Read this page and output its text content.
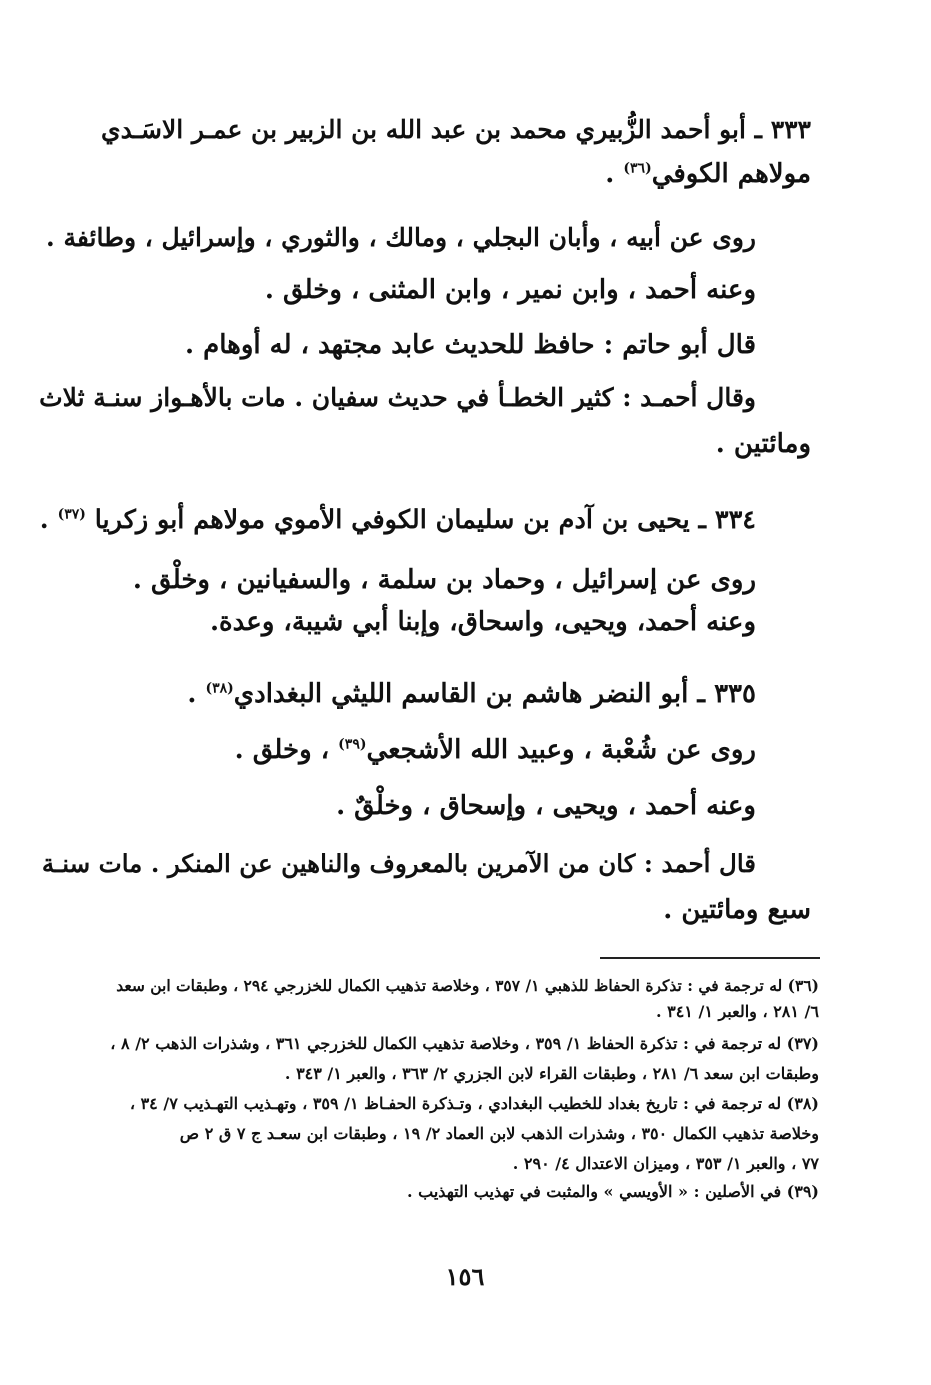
٣٣٣ ـ أبو أحمد الزُّبيري محمد بن عبد الله بن الزبير بن عمـر الاسَـدي
مولاهم الكوفي$^{(٣٦)}$ .
روى عن أبيه ، وأبان البجلي ، ومالك ، والثوري ، وإسرائيل ، وطائفة .
وعنه أحمد ، وابن نمير ، وابن المثنى ، وخلق .
قال أبو حاتم : حافظ للحديث عابد مجتهد ، له أوهام .
وقال أحمـد : كثير الخطـأ في حديث سفيان . مات بالأهـواز سنـة ثلاث
ومائتين .
٣٣٤ ـ يحيى بن آدم بن سليمان الكوفي الأموي مولاهم أبو زكريا $^{(٣٧)}$ .
روى عن إسرائيل ، وحماد بن سلمة ، والسفيانين ، وخلْق .
وعنه أحمد، ويحيى، واسحاق، وإبنا أبي شيبة، وعدة.
٣٣٥ ـ أبو النضر هاشم بن القاسم الليثي البغدادي$^{(٣٨)}$ .
روى عن شُعْبة ، وعبيد الله الأشجعي$^{(٣٩)}$ ، وخلق .
وعنه أحمد ، ويحيى ، وإسحاق ، وخلْقٌ .
قال أحمد : كان من الآمرين بالمعروف والناهين عن المنكر . مات سنـة
سبع ومائتين .
(٣٦) له ترجمة في : تذكرة الحفاظ للذهبي ١/ ٣٥٧ ، وخلاصة تذهيب الكمال للخزرجي ٢٩٤ ، وطبقات ابن سعد
٦/ ٢٨١ ، والعبر ١/ ٣٤١ .
(٣٧) له ترجمة في : تذكرة الحفاظ ١/ ٣٥٩ ، وخلاصة تذهيب الكمال للخزرجي ٣٦١ ، وشذرات الذهب ٢/ ٨ ،
وطبقات ابن سعد ٦/ ٢٨١ ، وطبقات القراء لابن الجزري ٢/ ٣٦٣ ، والعبر ١/ ٣٤٣ .
(٣٨) له ترجمة في : تاريخ بغداد للخطيب البغدادي ، وتـذكرة الحفـاظ ١/ ٣٥٩ ، وتهـذيب التهـذيب ٧/ ٣٤ ،
وخلاصة تذهيب الكمال ٣٥٠ ، وشذرات الذهب لابن العماد ٢/ ١٩ ، وطبقات ابن سعـد ج ٧ ق ٢ ص
٧٧ ، والعبر ١/ ٣٥٣ ، وميزان الاعتدال ٤/ ٢٩٠ .
(٣٩) في الأصلين : « الأويسي » والمثبت في تهذيب التهذيب .
١٥٦
